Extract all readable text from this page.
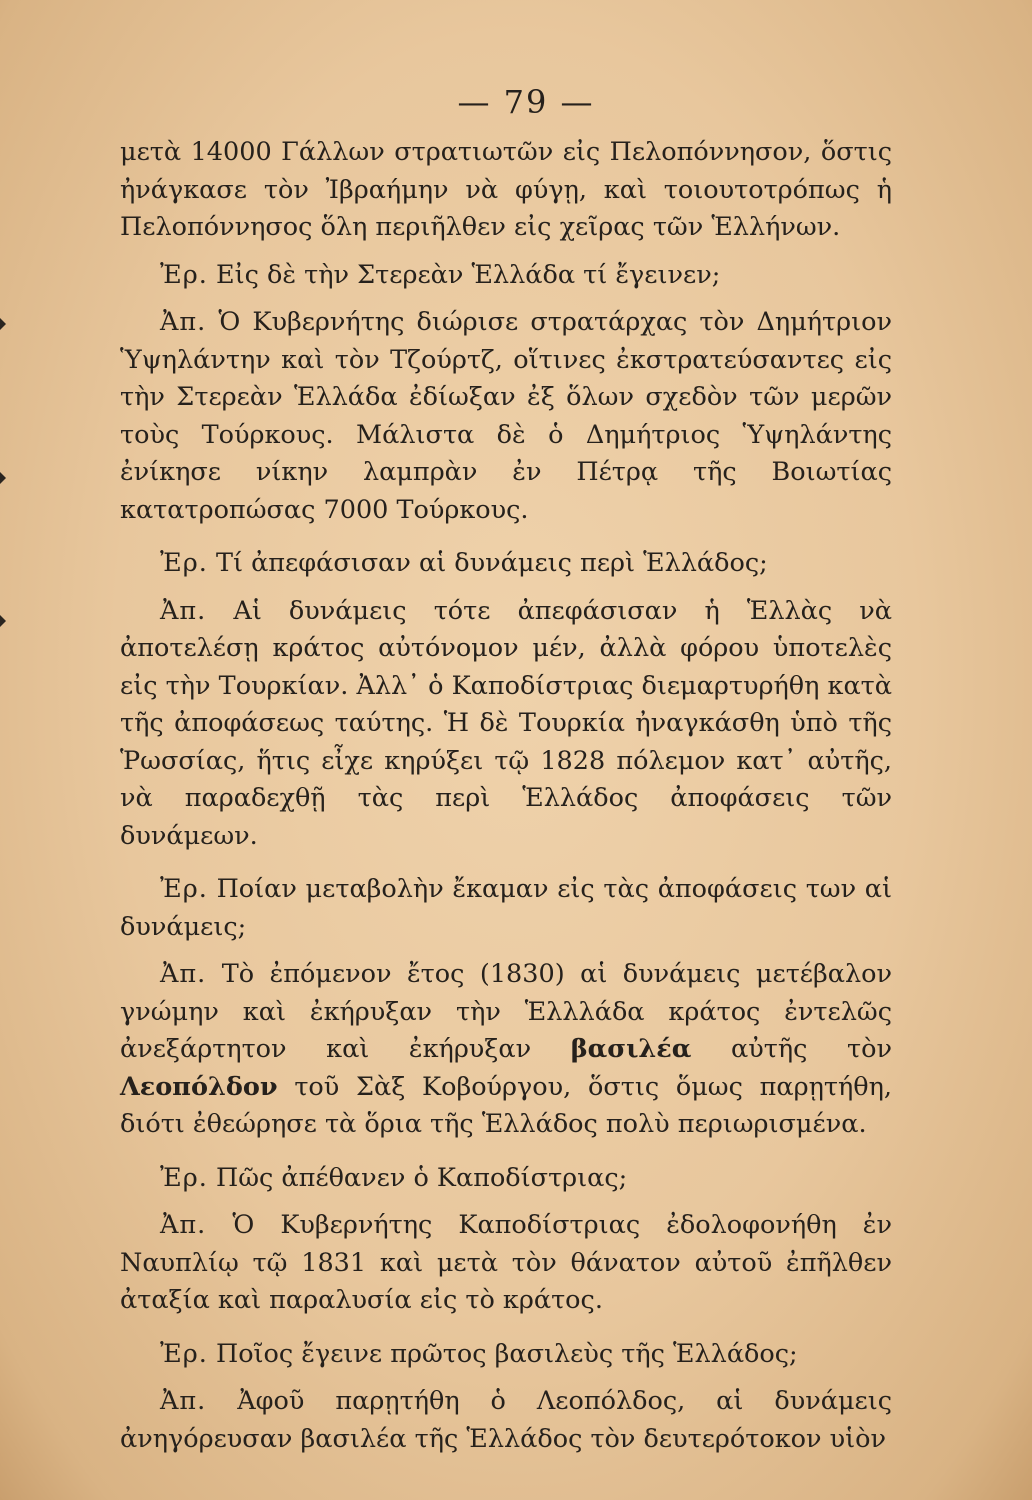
— 79 —

μετὰ 14000 Γάλλων στρατιωτῶν εἰς Πελοπόννησον, ὅστις ἠνάγκασε τὸν Ἰβραήμην νὰ φύγῃ, καὶ τοιουτοτρόπως ἡ Πελοπόννησος ὅλη περιῆλθεν εἰς χεῖρας τῶν Ἑλλήνων.

Ἐρ. Εἰς δὲ τὴν Στερεὰν Ἑλλάδα τί ἔγεινεν;

Ἀπ. Ὁ Κυβερνήτης διώρισε στρατάρχας τὸν Δημήτριον Ὑψηλάντην καὶ τὸν Τζούρτζ, οἵτινες ἐκστρατεύσαντες εἰς τὴν Στερεὰν Ἑλλάδα ἐδίωξαν ἐξ ὅλων σχεδὸν τῶν μερῶν τοὺς Τούρκους. Μάλιστα δὲ ὁ Δημήτριος Ὑψηλάντης ἐνίκησε νίκην λαμπρὰν ἐν Πέτρᾳ τῆς Βοιωτίας κατατροπώσας 7000 Τούρκους.

Ἐρ. Τί ἀπεφάσισαν αἱ δυνάμεις περὶ Ἑλλάδος;

Ἀπ. Αἱ δυνάμεις τότε ἀπεφάσισαν ἡ Ἑλλὰς νὰ ἀποτελέσῃ κράτος αὐτόνομον μέν, ἀλλὰ φόρου ὑποτελὲς εἰς τὴν Τουρκίαν. Ἀλλ᾽ ὁ Καποδίστριας διεμαρτυρήθη κατὰ τῆς ἀποφάσεως ταύτης. Ἡ δὲ Τουρκία ἠναγκάσθη ὑπὸ τῆς Ῥωσσίας, ἥτις εἶχε κηρύξει τῷ 1828 πόλεμον κατ᾽ αὐτῆς, νὰ παραδεχθῇ τὰς περὶ Ἑλλάδος ἀποφάσεις τῶν δυνάμεων.

Ἐρ. Ποίαν μεταβολὴν ἔκαμαν εἰς τὰς ἀποφάσεις των αἱ δυνάμεις;

Ἀπ. Τὸ ἐπόμενον ἔτος (1830) αἱ δυνάμεις μετέβαλον γνώμην καὶ ἐκήρυξαν τὴν Ἑλλλάδα κράτος ἐντελῶς ἀνεξάρτητον καὶ ἐκήρυξαν βασιλέα αὐτῆς τὸν Λεοπόλδον τοῦ Σὰξ Κοβούργου, ὅστις ὅμως παρῃτήθη, διότι ἐθεώρησε τὰ ὅρια τῆς Ἑλλάδος πολὺ περιωρισμένα.

Ἐρ. Πῶς ἀπέθανεν ὁ Καποδίστριας;

Ἀπ. Ὁ Κυβερνήτης Καποδίστριας ἐδολοφονήθη ἐν Ναυπλίῳ τῷ 1831 καὶ μετὰ τὸν θάνατον αὐτοῦ ἐπῆλθεν ἀταξία καὶ παραλυσία εἰς τὸ κράτος.

Ἐρ. Ποῖος ἔγεινε πρῶτος βασιλεὺς τῆς Ἑλλάδος;

Ἀπ. Ἀφοῦ παρῃτήθη ὁ Λεοπόλδος, αἱ δυνάμεις ἀνηγόρευσαν βασιλέα τῆς Ἑλλάδος τὸν δευτερότοκον υἱὸν
